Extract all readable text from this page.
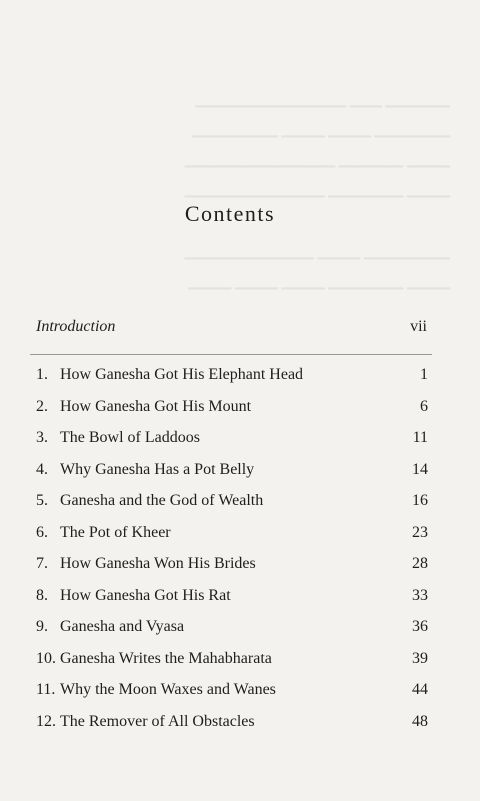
▁▁▁▁▁▁ ▁▁▁ ▁▁▁▁▁▁▁▁▁▁▁▁▁▁
▁▁▁▁▁▁▁ ▁▁▁▁ ▁▁▁▁ ▁▁▁▁▁▁▁▁
▁▁▁▁ ▁▁▁▁▁▁ ▁▁▁▁▁▁▁▁▁▁▁▁▁▁
▁▁▁▁ ▁▁▁▁▁▁▁ ▁▁▁▁▁▁▁▁▁▁▁▁▁
▁▁▁▁▁▁▁▁ ▁▁▁▁ ▁▁▁▁▁▁▁▁▁▁▁▁
▁▁▁▁ ▁▁▁▁▁▁▁ ▁▁▁▁ ▁▁▁▁ ▁▁▁▁
Contents
Introduction	vii
1. How Ganesha Got His Elephant Head	1
2. How Ganesha Got His Mount	6
3. The Bowl of Laddoos	11
4. Why Ganesha Has a Pot Belly	14
5. Ganesha and the God of Wealth	16
6. The Pot of Kheer	23
7. How Ganesha Won His Brides	28
8. How Ganesha Got His Rat	33
9. Ganesha and Vyasa	36
10. Ganesha Writes the Mahabharata	39
11. Why the Moon Waxes and Wanes	44
12. The Remover of All Obstacles	48
